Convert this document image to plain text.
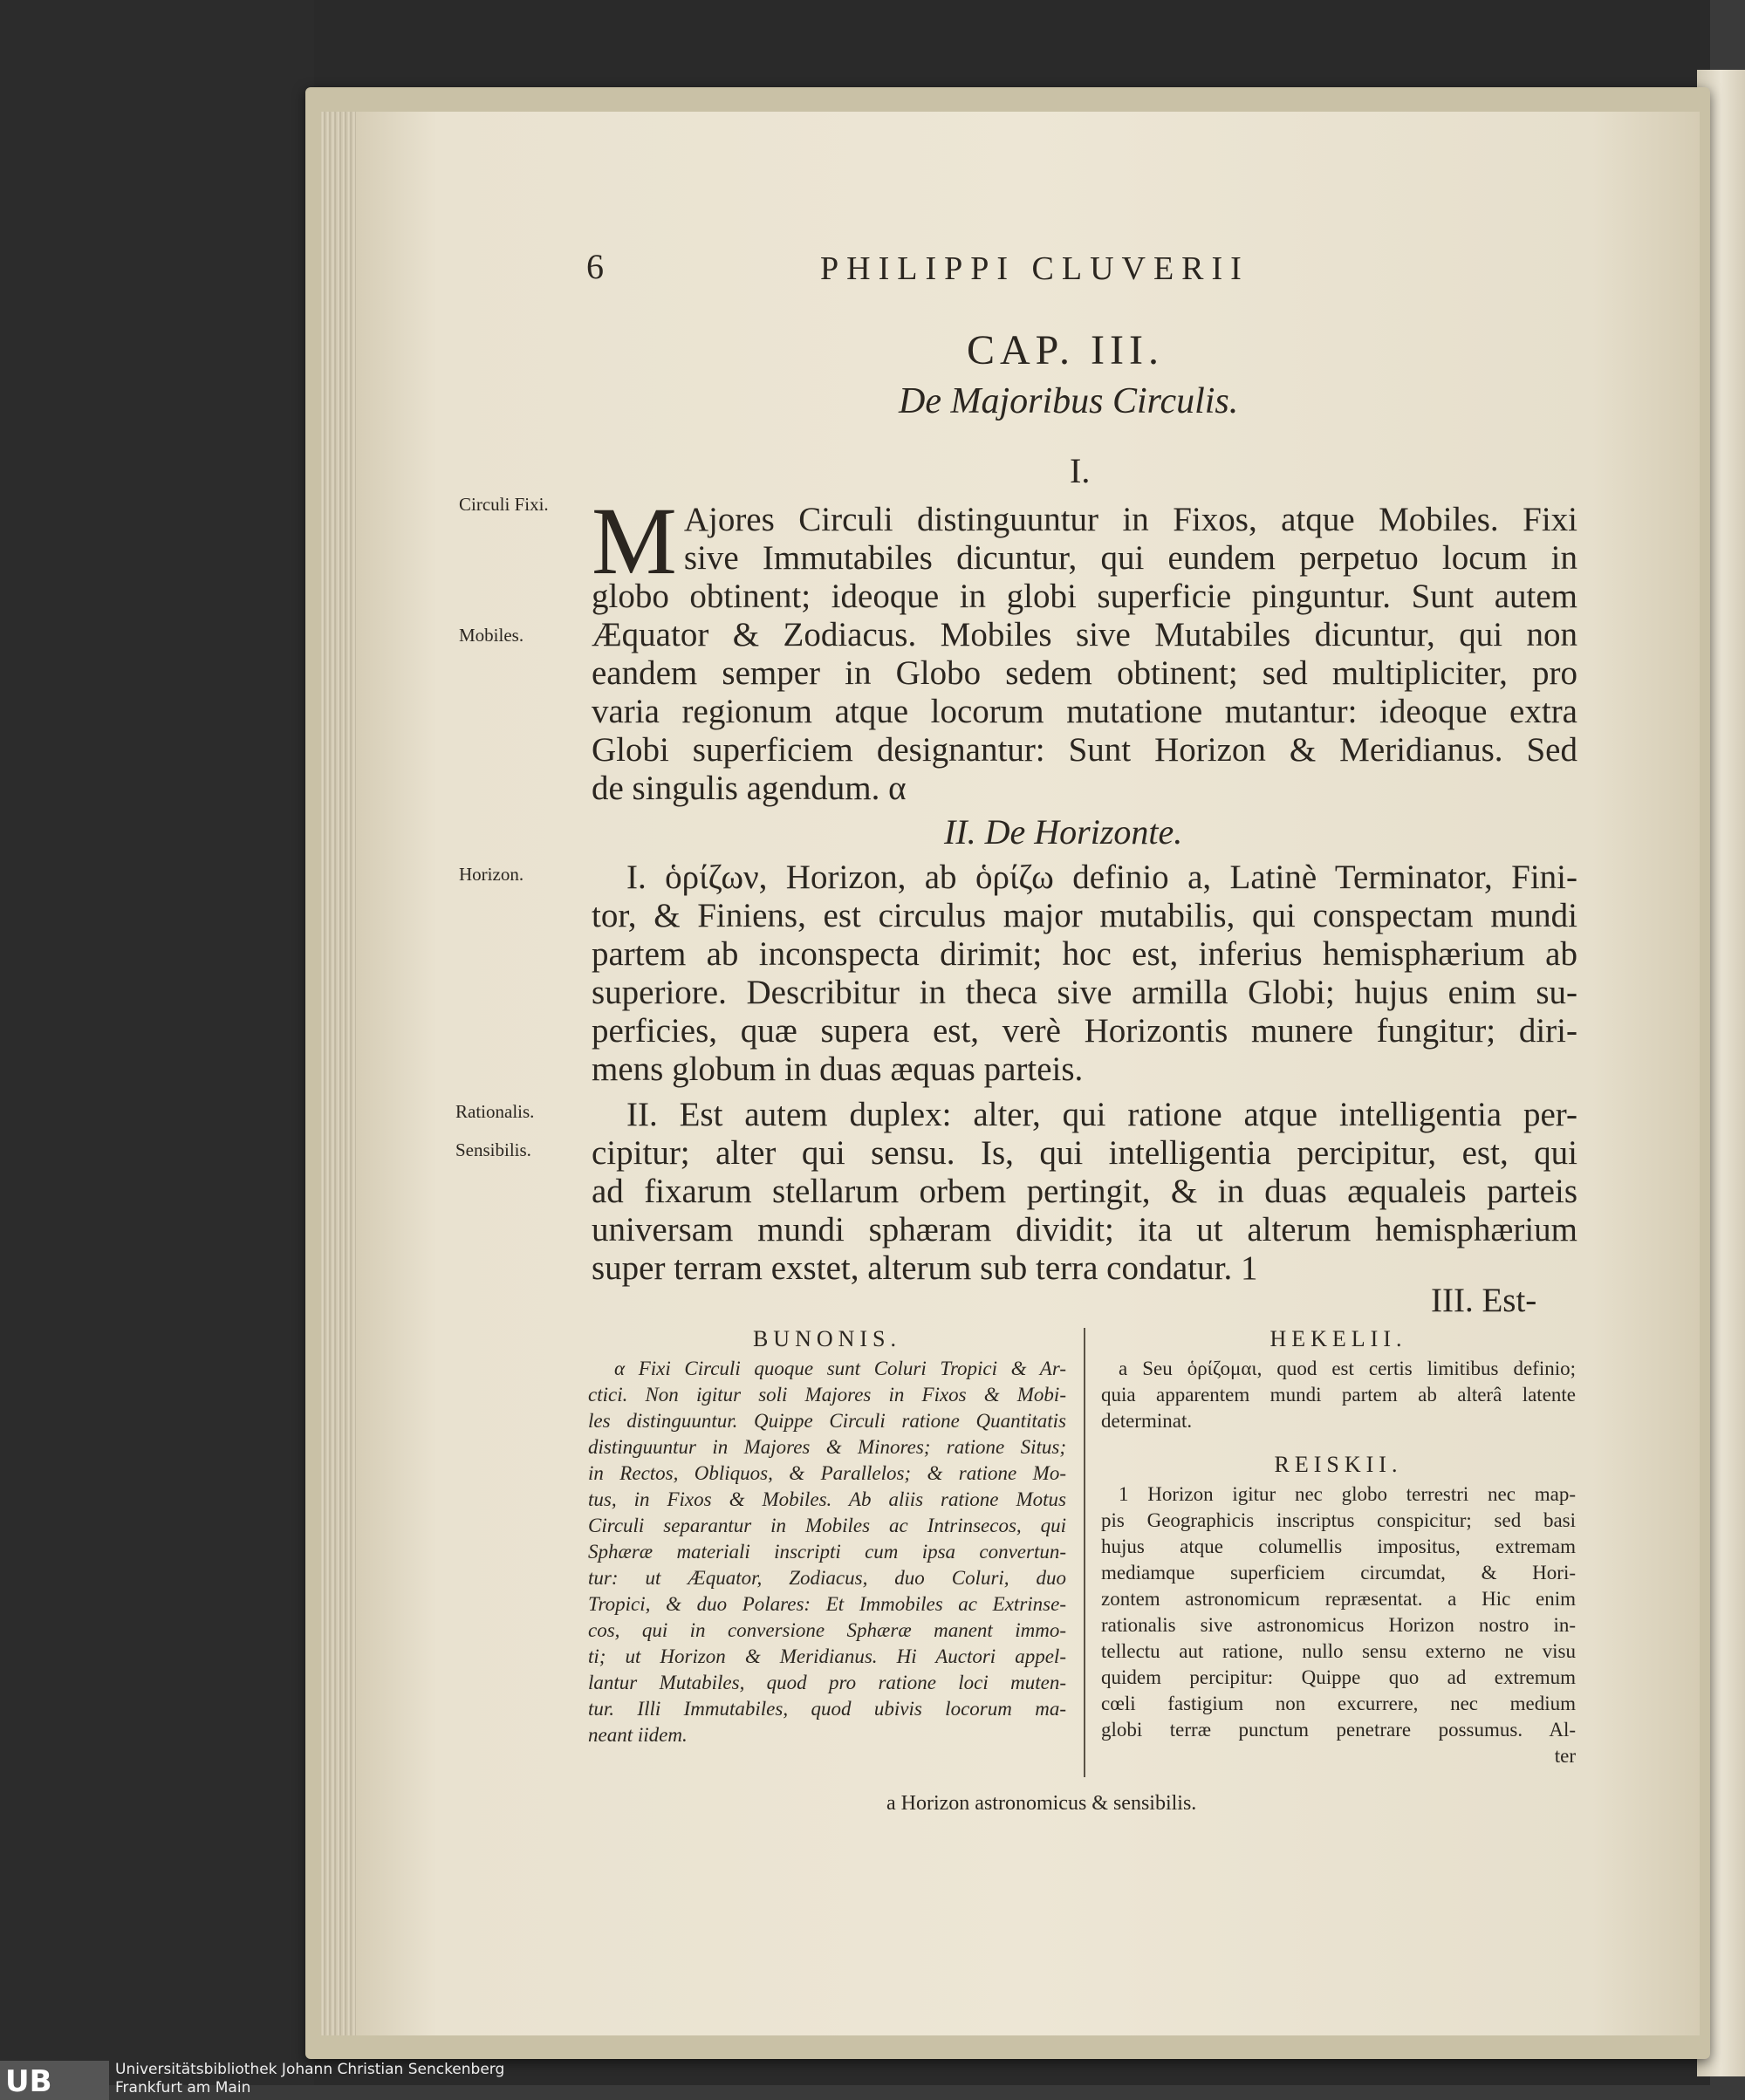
6	PHILIPPI CLUVERII
CAP. III.
De Majoribus Circulis.
I.
Circuli Fixi.
Mobiles.
Horizon.
Rationalis.
Sensibilis.
M Ajores Circuli distinguuntur in Fixos, atque Mobiles. Fixi

sive Immutabiles dicuntur, qui eundem perpetuo locum in

globo obtinent; ideoque in globi superficie pinguntur. Sunt autem

Æquator & Zodiacus. Mobiles sive Mutabiles dicuntur, qui non

eandem semper in Globo sedem obtinent; sed multipliciter, pro

varia regionum atque locorum mutatione mutantur: ideoque extra

Globi superficiem designantur: Sunt Horizon & Meridianus. Sed

de singulis agendum. α

II. De Horizonte.

I. ὁρίζων, Horizon, ab ὁρίζω definio a, Latinè Terminator, Fini-

tor, & Finiens, est circulus major mutabilis, qui conspectam mundi

partem ab inconspecta dirimit; hoc est, inferius hemisphærium ab

superiore. Describitur in theca sive armilla Globi; hujus enim su-

perficies, quæ supera est, verè Horizontis munere fungitur; diri-

mens globum in duas æquas parteis.

II. Est autem duplex: alter, qui ratione atque intelligentia per-

cipitur; alter qui sensu. Is, qui intelligentia percipitur, est, qui

ad fixarum stellarum orbem pertingit, & in duas æqualeis parteis

universam mundi sphæram dividit; ita ut alterum hemisphærium

super terram exstet, alterum sub terra condatur. 1

III. Est-
BUNONIS.
α Fixi Circuli quoque sunt Coluri Tropici & Ar-
ctici. Non igitur soli Majores in Fixos & Mobi-
les distinguuntur. Quippe Circuli ratione Quantitatis
distinguuntur in Majores & Minores; ratione Situs;
in Rectos, Obliquos, & Parallelos; & ratione Mo-
tus, in Fixos & Mobiles. Ab aliis ratione Motus
Circuli separantur in Mobiles ac Intrinsecos, qui
Sphæræ materiali inscripti cum ipsa convertun-
tur: ut Æquator, Zodiacus, duo Coluri, duo
Tropici, & duo Polares: Et Immobiles ac Extrinse-
cos, qui in conversione Sphæræ manent immo-
ti; ut Horizon & Meridianus. Hi Auctori appel-
lantur Mutabiles, quod pro ratione loci muten-
tur. Illi Immutabiles, quod ubivis locorum ma-
neant iidem.
HEKELII.
a Seu ὁρίζομαι, quod est certis limitibus definio;
quia apparentem mundi partem ab alterâ latente
determinat.
REISKII.
1 Horizon igitur nec globo terrestri nec map-
pis Geographicis inscriptus conspicitur; sed basi
hujus atque columellis impositus, extremam
mediamque superficiem circumdat, & Hori-
zontem astronomicum repræsentat. a Hic enim
rationalis sive astronomicus Horizon nostro in-
tellectu aut ratione, nullo sensu externo ne visu
quidem percipitur: Quippe quo ad extremum
cœli fastigium non excurrere, nec medium
globi terræ punctum penetrare possumus. Al-
ter
a Horizon astronomicus & sensibilis.
UB	Universitätsbibliothek Johann Christian Senckenberg
Frankfurt am Main
